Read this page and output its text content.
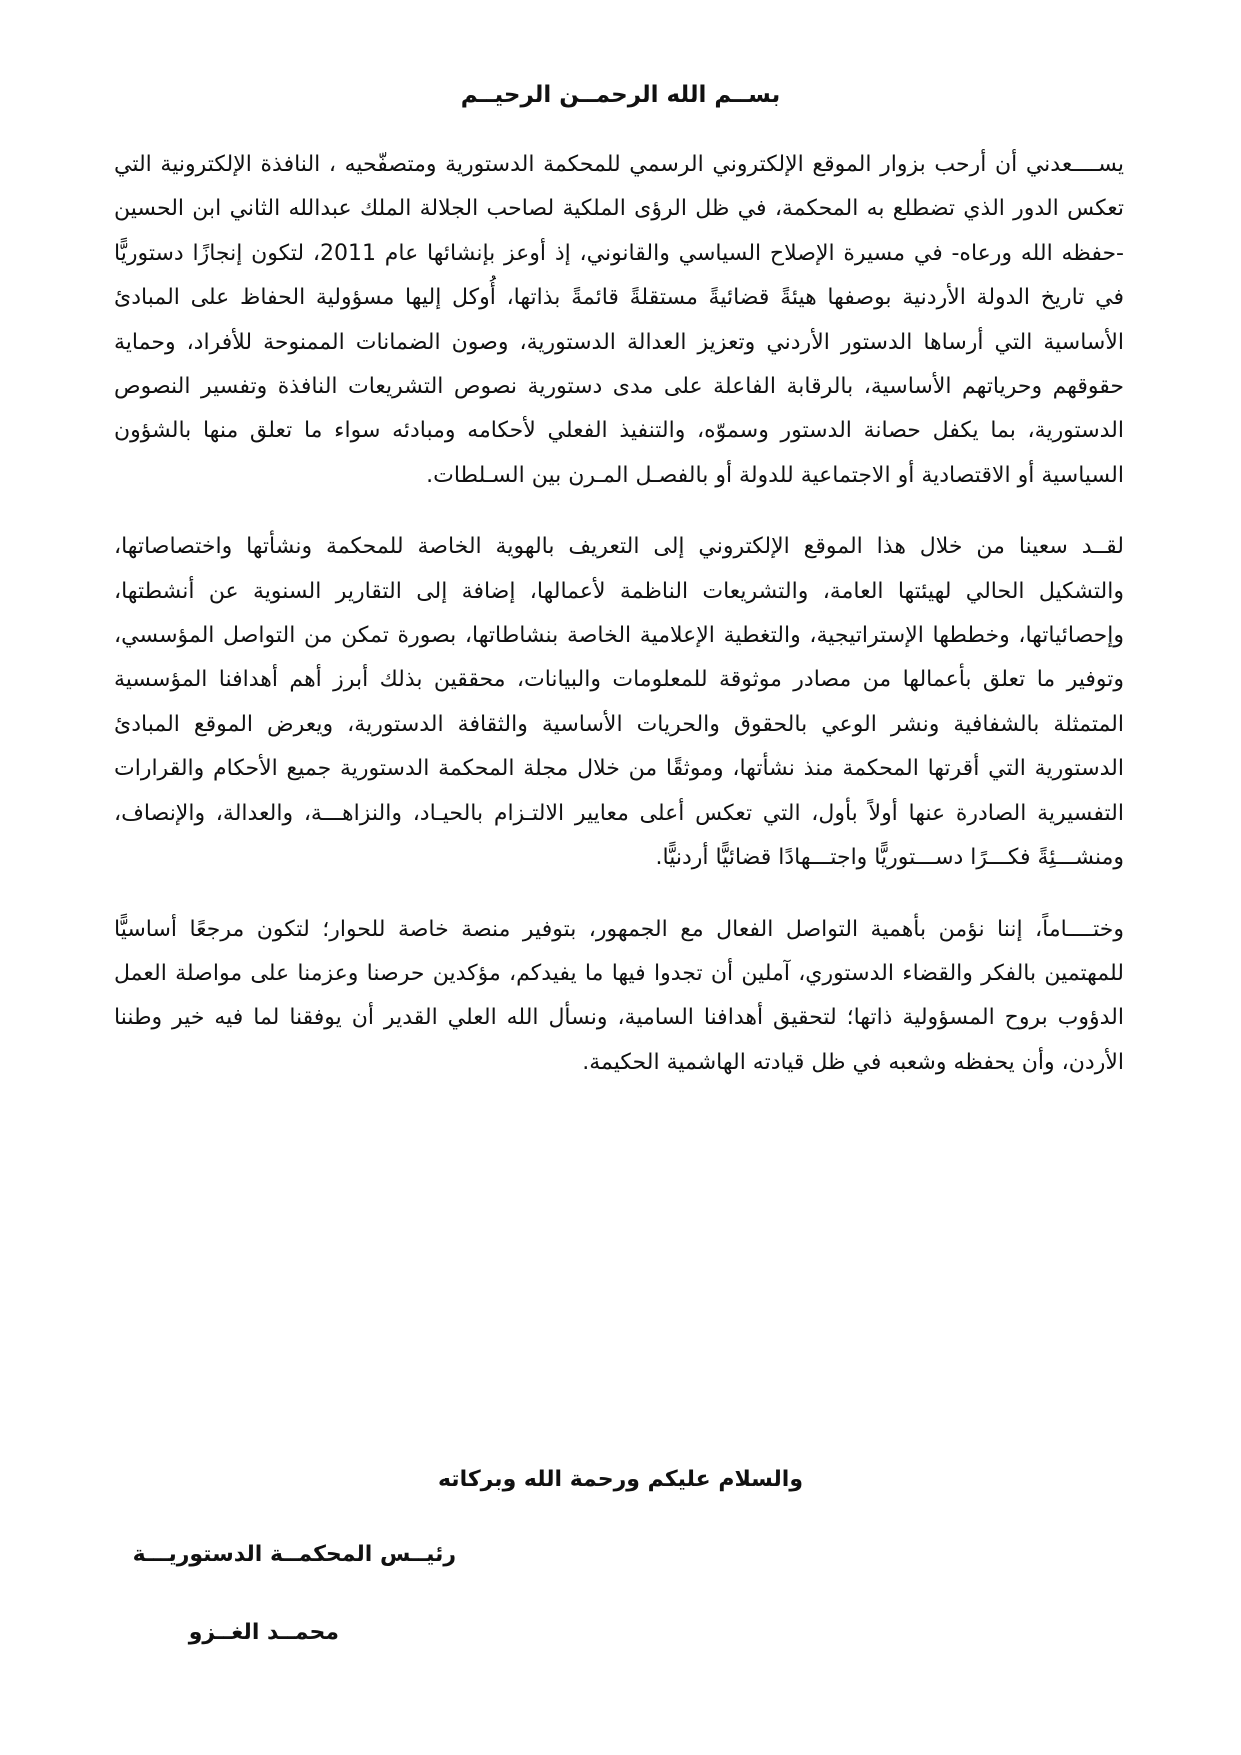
بســم الله الرحمــن الرحيــم

يســــعدني أن أرحب بزوار الموقع الإلكتروني الرسمي للمحكمة الدستورية ومتصفّحيه ، النافذة الإلكترونية التي تعكس الدور الذي تضطلع به المحكمة، في ظل الرؤى الملكية لصاحب الجلالة الملك عبدالله الثاني ابن الحسين -حفظه الله ورعاه- في مسيرة الإصلاح السياسي والقانوني، إذ أوعز بإنشائها عام 2011، لتكون إنجازًا دستوريًّا في تاريخ الدولة الأردنية بوصفها هيئةً قضائيةً مستقلةً قائمةً بذاتها، أُوكل إليها مسؤولية الحفاظ على المبادئ الأساسية التي أرساها الدستور الأردني وتعزيز العدالة الدستورية، وصون الضمانات الممنوحة للأفراد، وحماية حقوقهم وحرياتهم الأساسية، بالرقابة الفاعلة على مدى دستورية نصوص التشريعات النافذة وتفسير النصوص الدستورية، بما يكفل حصانة الدستور وسموّه، والتنفيذ الفعلي لأحكامه ومبادئه سواء ما تعلق منها بالشؤون السياسية أو الاقتصادية أو الاجتماعية للدولة أو بالفصـل المـرن بين السـلطات.

لقــد سعينا من خلال هذا الموقع الإلكتروني إلى التعريف بالهوية الخاصة للمحكمة ونشأتها واختصاصاتها، والتشكيل الحالي لهيئتها العامة، والتشريعات الناظمة لأعمالها، إضافة إلى التقارير السنوية عن أنشطتها، وإحصائياتها، وخططها الإستراتيجية، والتغطية الإعلامية الخاصة بنشاطاتها، بصورة تمكن من التواصل المؤسسي، وتوفير ما تعلق بأعمالها من مصادر موثوقة للمعلومات والبيانات، محققين بذلك أبرز أهم أهدافنا المؤسسية المتمثلة بالشفافية ونشر الوعي بالحقوق والحريات الأساسية والثقافة الدستورية، ويعرض الموقع المبادئ الدستورية التي أقرتها المحكمة منذ نشأتها، وموثقًا من خلال مجلة المحكمة الدستورية جميع الأحكام والقرارات التفسيرية الصادرة عنها أولاً بأول، التي تعكس أعلى معايير الالتـزام بالحيـاد، والنزاهـــة، والعدالة، والإنصاف، ومنشـــئِةً فكـــرًا دســـتوريًّا واجتـــهادًا قضائيًّا أردنيًّا.

وختــــاماً، إننا نؤمن بأهمية التواصل الفعال مع الجمهور، بتوفير منصة خاصة للحوار؛ لتكون مرجعًا أساسيًّا للمهتمين بالفكر والقضاء الدستوري، آملين أن تجدوا فيها ما يفيدكم، مؤكدين حرصنا وعزمنا على مواصلة العمل الدؤوب بروح المسؤولية ذاتها؛ لتحقيق أهدافنا السامية، ونسأل الله العلي القدير أن يوفقنا لما فيه خير وطننا الأردن، وأن يحفظه وشعبه في ظل قيادته الهاشمية الحكيمة.

والسلام عليكم ورحمة الله وبركاته
رئيــس المحكمــة الدستوريـــة
محمــد الغــزو
